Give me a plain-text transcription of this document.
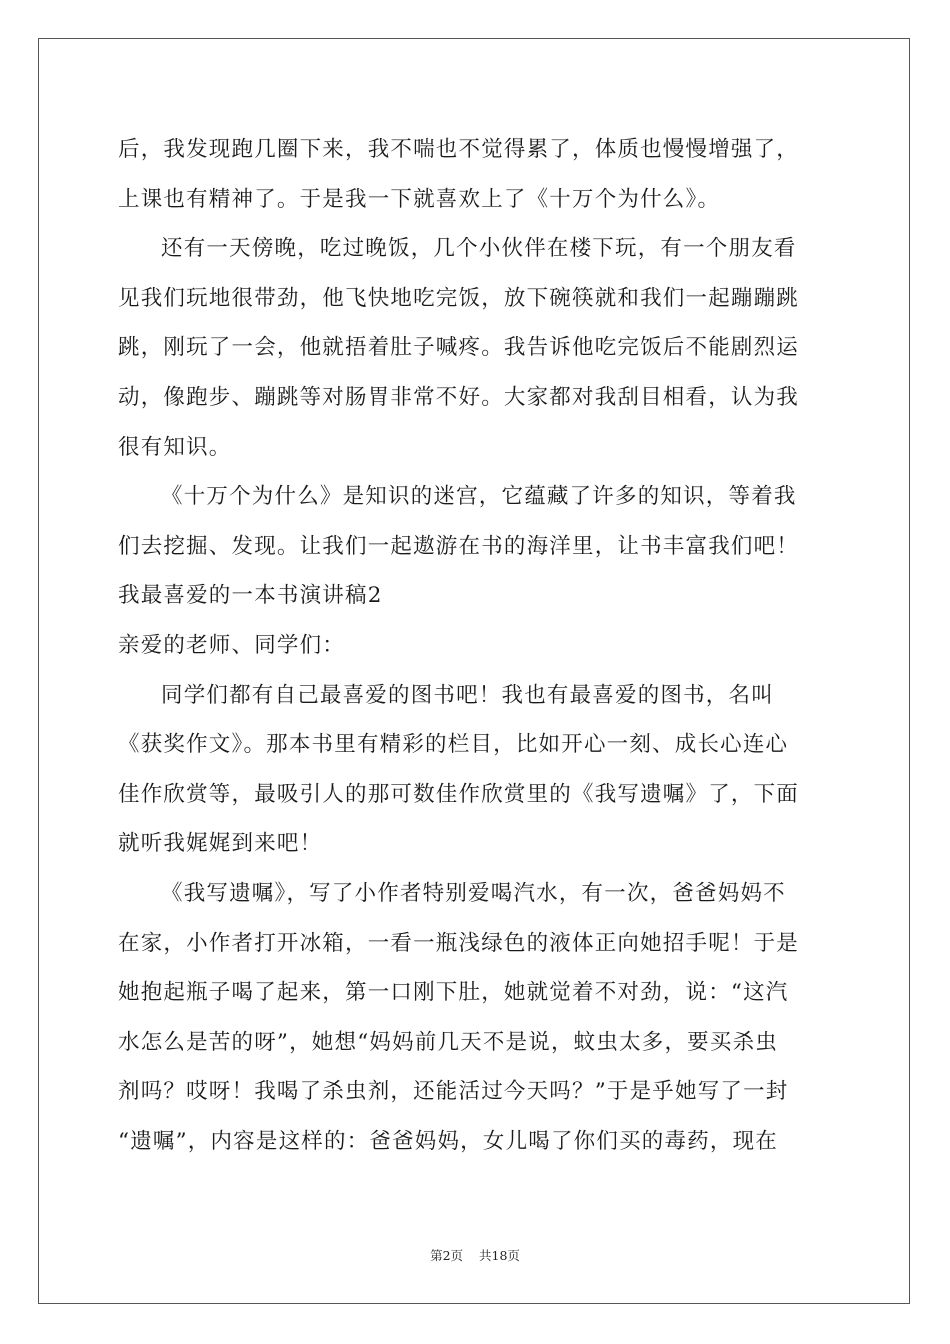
后，我发现跑几圈下来，我不喘也不觉得累了，体质也慢慢增强了，
上课也有精神了。于是我一下就喜欢上了《十万个为什么》。
还有一天傍晚，吃过晚饭，几个小伙伴在楼下玩，有一个朋友看
见我们玩地很带劲，他飞快地吃完饭，放下碗筷就和我们一起蹦蹦跳
跳，刚玩了一会，他就捂着肚子喊疼。我告诉他吃完饭后不能剧烈运
动，像跑步、蹦跳等对肠胃非常不好。大家都对我刮目相看，认为我
很有知识。
《十万个为什么》是知识的迷宫，它蕴藏了许多的知识，等着我
们去挖掘、发现。让我们一起遨游在书的海洋里，让书丰富我们吧！
我最喜爱的一本书演讲稿2
亲爱的老师、同学们：
同学们都有自己最喜爱的图书吧！我也有最喜爱的图书，名叫
《获奖作文》。那本书里有精彩的栏目，比如开心一刻、成长心连心
佳作欣赏等，最吸引人的那可数佳作欣赏里的《我写遗嘱》了，下面
就听我娓娓到来吧！
《我写遗嘱》，写了小作者特别爱喝汽水，有一次，爸爸妈妈不
在家，小作者打开冰箱，一看一瓶浅绿色的液体正向她招手呢！于是
她抱起瓶子喝了起来，第一口刚下肚，她就觉着不对劲，说：“这汽
水怎么是苦的呀”，她想“妈妈前几天不是说，蚊虫太多，要买杀虫
剂吗？哎呀！我喝了杀虫剂，还能活过今天吗？”于是乎她写了一封
“遗嘱”，内容是这样的：爸爸妈妈，女儿喝了你们买的毒药，现在
第2页 共18页
